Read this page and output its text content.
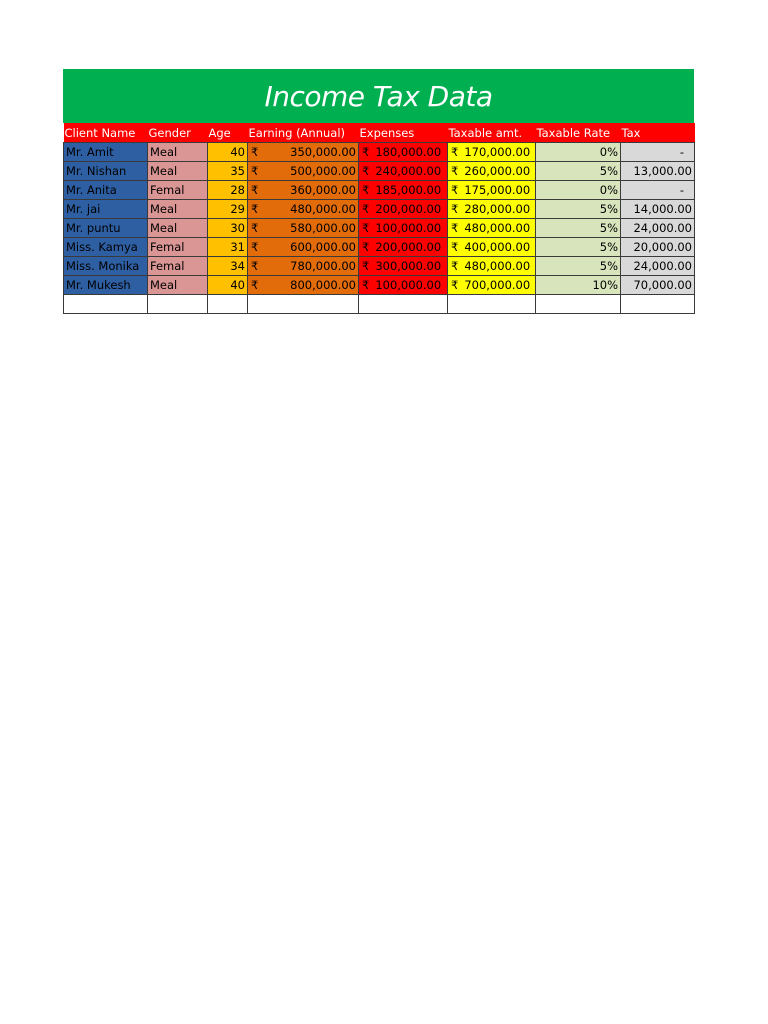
Income Tax Data
Client Name	Gender	Age	Earning (Annual)	Expenses	Taxable amt.	Taxable Rate	Tax
Mr. Amit	Meal	40	₹ 350,000.00	₹ 180,000.00	₹ 170,000.00	0%	-
Mr. Nishan	Meal	35	₹ 500,000.00	₹ 240,000.00	₹ 260,000.00	5%	13,000.00
Mr. Anita	Femal	28	₹ 360,000.00	₹ 185,000.00	₹ 175,000.00	0%	-
Mr. jai	Meal	29	₹ 480,000.00	₹ 200,000.00	₹ 280,000.00	5%	14,000.00
Mr. puntu	Meal	30	₹ 580,000.00	₹ 100,000.00	₹ 480,000.00	5%	24,000.00
Miss. Kamya	Femal	31	₹ 600,000.00	₹ 200,000.00	₹ 400,000.00	5%	20,000.00
Miss. Monika	Femal	34	₹ 780,000.00	₹ 300,000.00	₹ 480,000.00	5%	24,000.00
Mr. Mukesh	Meal	40	₹ 800,000.00	₹ 100,000.00	₹ 700,000.00	10%	70,000.00
